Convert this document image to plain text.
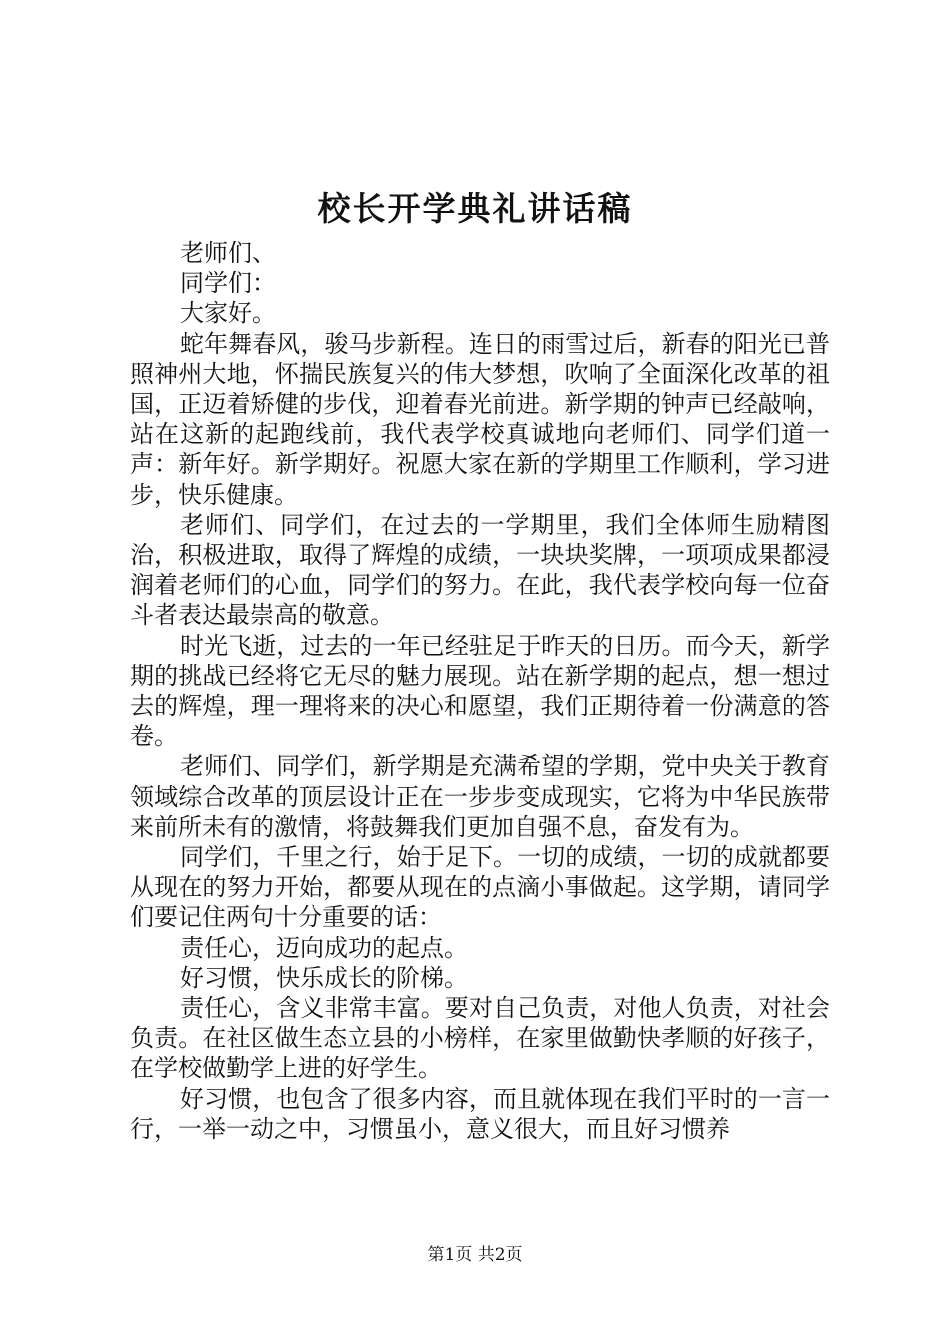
校长开学典礼讲话稿

老师们、

同学们：

大家好。

蛇年舞春风，骏马步新程。连日的雨雪过后，新春的阳光已普照神州大地，怀揣民族复兴的伟大梦想，吹响了全面深化改革的祖国，正迈着矫健的步伐，迎着春光前进。新学期的钟声已经敲响，站在这新的起跑线前，我代表学校真诚地向老师们、同学们道一声：新年好。新学期好。祝愿大家在新的学期里工作顺利，学习进步，快乐健康。

老师们、同学们，在过去的一学期里，我们全体师生励精图治，积极进取，取得了辉煌的成绩，一块块奖牌，一项项成果都浸润着老师们的心血，同学们的努力。在此，我代表学校向每一位奋斗者表达最崇高的敬意。

时光飞逝，过去的一年已经驻足于昨天的日历。而今天，新学期的挑战已经将它无尽的魅力展现。站在新学期的起点，想一想过去的辉煌，理一理将来的决心和愿望，我们正期待着一份满意的答卷。

老师们、同学们，新学期是充满希望的学期，党中央关于教育领域综合改革的顶层设计正在一步步变成现实，它将为中华民族带来前所未有的激情，将鼓舞我们更加自强不息，奋发有为。

同学们，千里之行，始于足下。一切的成绩，一切的成就都要从现在的努力开始，都要从现在的点滴小事做起。这学期，请同学们要记住两句十分重要的话：

责任心，迈向成功的起点。

好习惯，快乐成长的阶梯。

责任心，含义非常丰富。要对自己负责，对他人负责，对社会负责。在社区做生态立县的小榜样，在家里做勤快孝顺的好孩子，在学校做勤学上进的好学生。

好习惯，也包含了很多内容，而且就体现在我们平时的一言一行，一举一动之中，习惯虽小，意义很大，而且好习惯养

第1页 共2页
